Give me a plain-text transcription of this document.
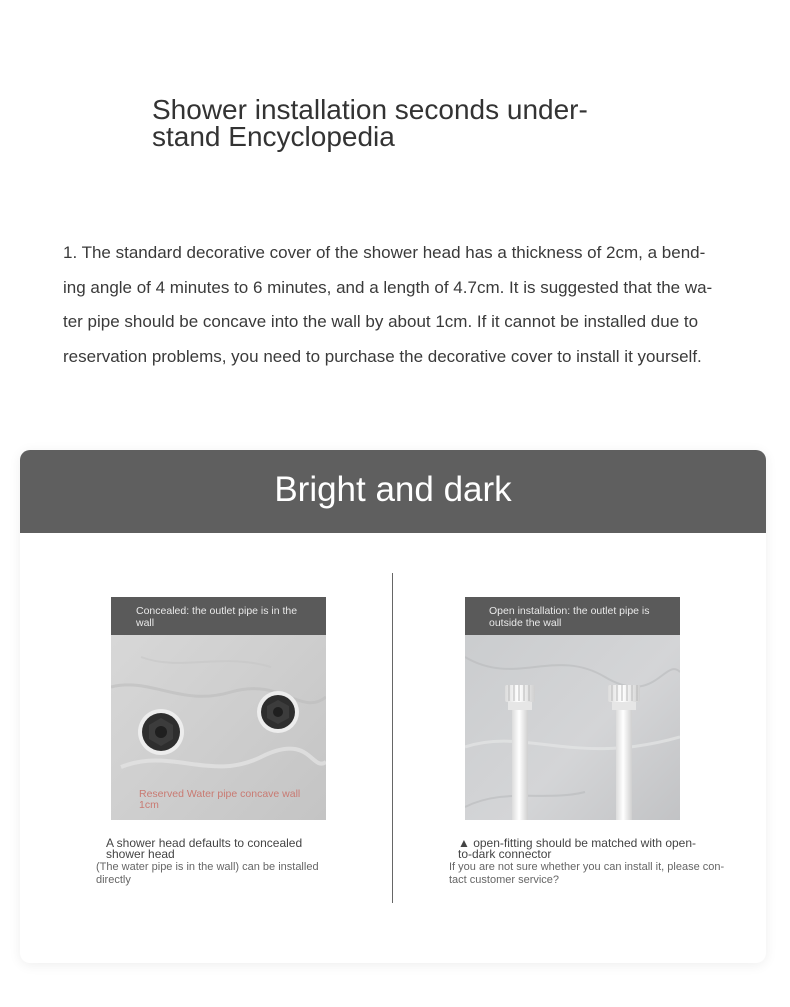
Shower installation seconds under-stand Encyclopedia

1. The standard decorative cover of the shower head has a thickness of 2cm, a bend-ing angle of 4 minutes to 6 minutes, and a length of 4.7cm. It is suggested that the wa-ter pipe should be concave into the wall by about 1cm. If it cannot be installed due to reservation problems, you need to purchase the decorative cover to install it yourself.

Bright and dark
Concealed: the outlet pipe is in the wall
Reserved Water pipe concave wall 1cm
A shower head defaults to concealed shower head
(The water pipe is in the wall) can be installed directly
Open installation: the outlet pipe is outside the wall
▲ open-fitting should be matched with open-to-dark connector
If you are not sure whether you can install it, please con-tact customer service?
